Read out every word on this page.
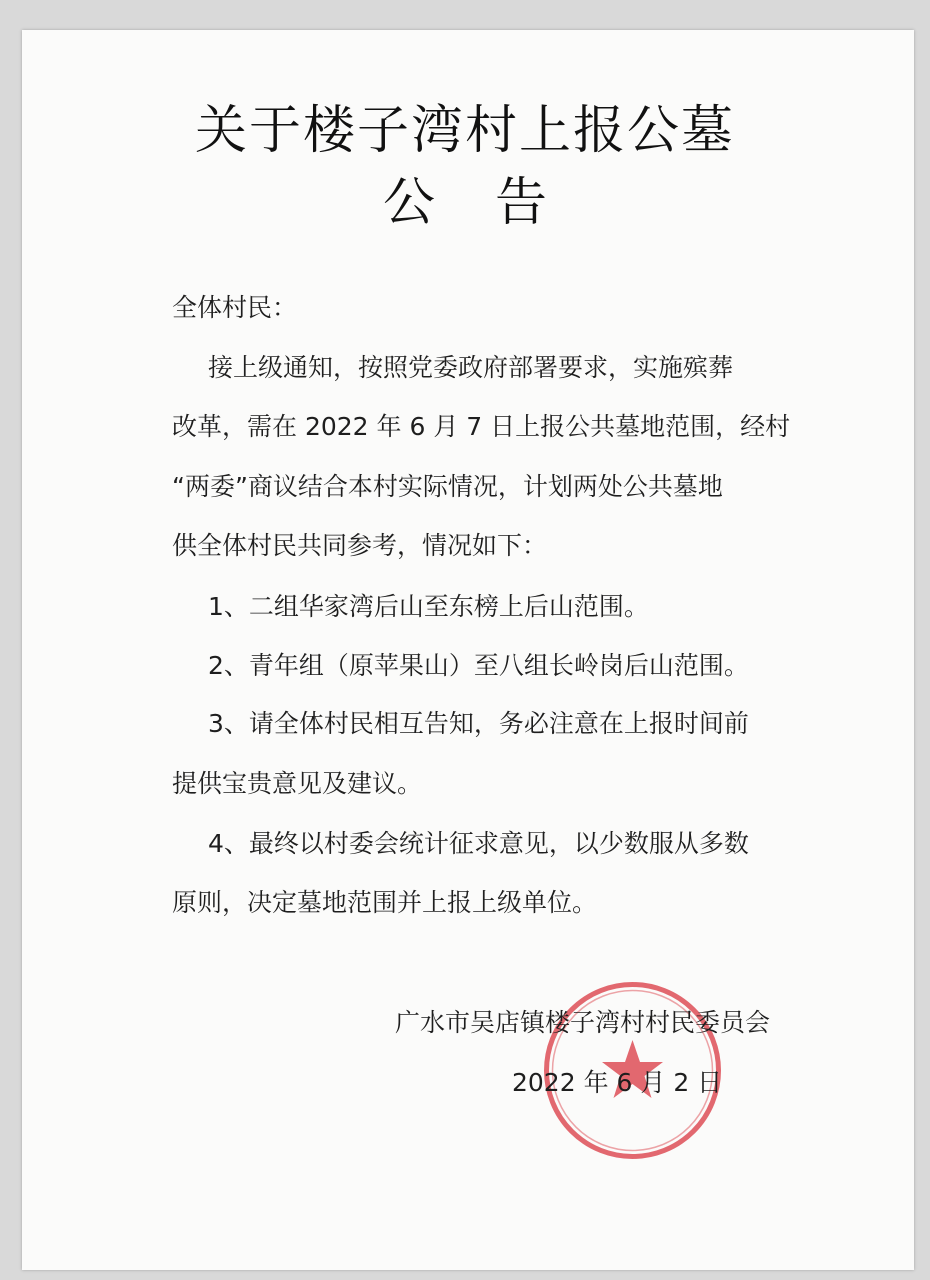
关于楼子湾村上报公墓
公告
全体村民：
接上级通知，按照党委政府部署要求，实施殡葬
改革，需在 2022 年 6 月 7 日上报公共墓地范围，经村
“两委”商议结合本村实际情况，计划两处公共墓地
供全体村民共同参考，情况如下：
1、二组华家湾后山至东榜上后山范围。
2、青年组（原苹果山）至八组长岭岗后山范围。
3、请全体村民相互告知，务必注意在上报时间前
提供宝贵意见及建议。
4、最终以村委会统计征求意见，以少数服从多数
原则，决定墓地范围并上报上级单位。
广水市吴店镇楼子湾村村民委员会
2022 年 6 月 2 日
